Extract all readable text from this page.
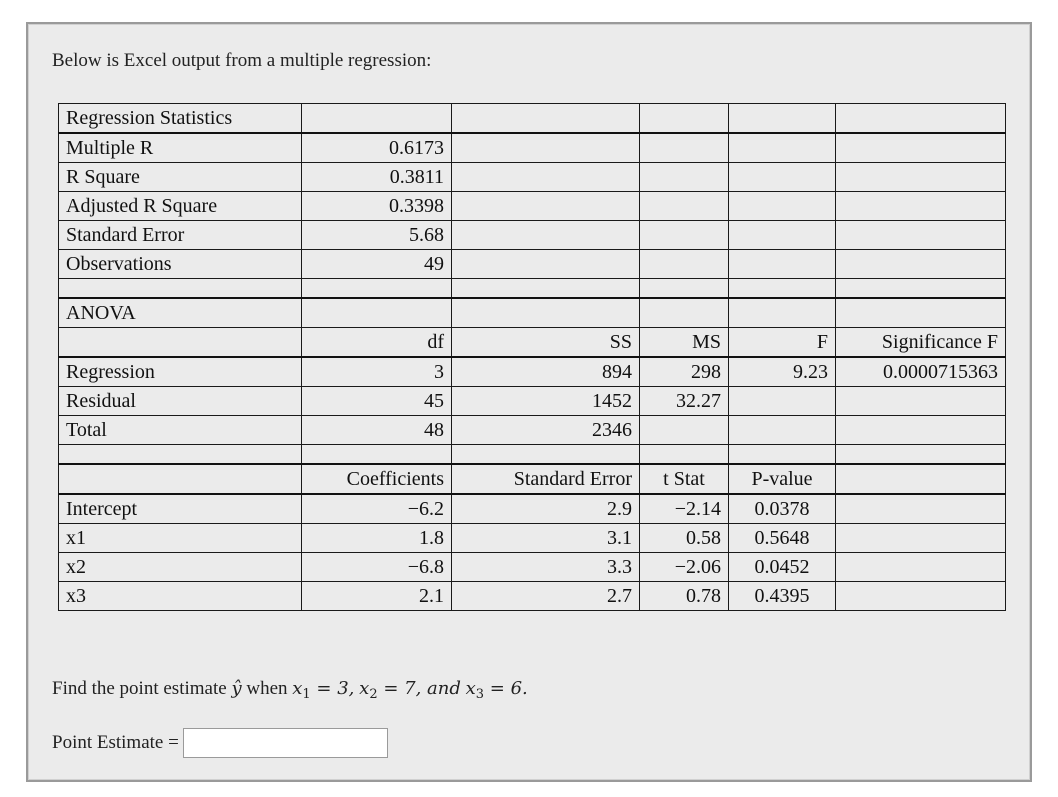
Below is Excel output from a multiple regression:
Regression Statistics					
Multiple R	0.6173				
R Square	0.3811				
Adjusted R Square	0.3398				
Standard Error	5.68				
Observations	49				

ANOVA					
	df	SS	MS	F	Significance F
Regression	3	894	298	9.23	0.0000715363
Residual	45	1452	32.27		
Total	48	2346			

	Coefficients	Standard Error	t Stat	P-value	
Intercept	−6.2	2.9	−2.14	0.0378	
x1	1.8	3.1	0.58	0.5648	
x2	−6.8	3.3	−2.06	0.0452	
x3	2.1	2.7	0.78	0.4395	
Find the point estimate ŷ when $x_1 = 3$, $x_2 = 7$, and $x_3 = 6$.
Point Estimate =
